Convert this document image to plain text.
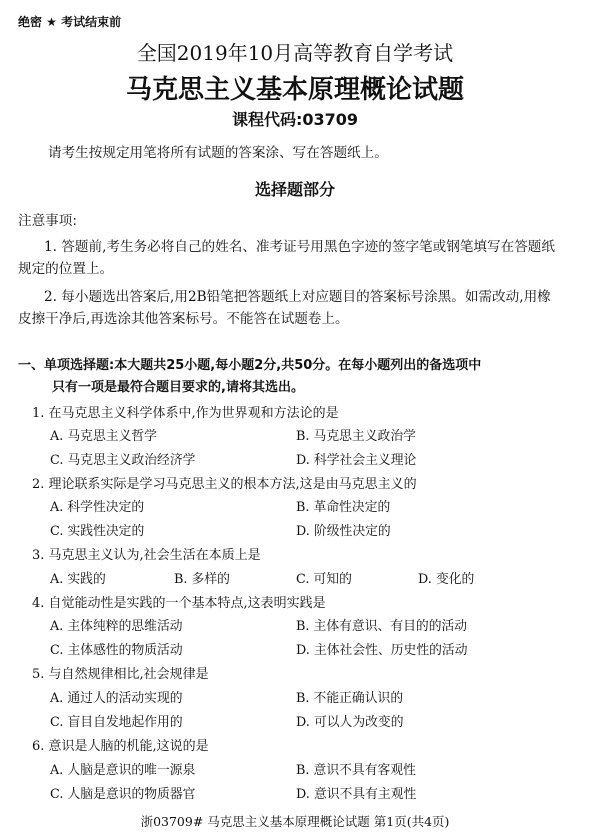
绝密 ★ 考试结束前
全国2019年10月高等教育自学考试
马克思主义基本原理概论试题
课程代码:03709
请考生按规定用笔将所有试题的答案涂、写在答题纸上。
选择题部分
注意事项:
1. 答题前,考生务必将自己的姓名、准考证号用黑色字迹的签字笔或钢笔填写在答题纸
规定的位置上。
2. 每小题选出答案后,用2B铅笔把答题纸上对应题目的答案标号涂黑。如需改动,用橡
皮擦干净后,再选涂其他答案标号。不能答在试题卷上。
一、单项选择题:本大题共25小题,每小题2分,共50分。在每小题列出的备选项中
只有一项是最符合题目要求的,请将其选出。
1. 在马克思主义科学体系中,作为世界观和方法论的是
A. 马克思主义哲学	B. 马克思主义政治学
C. 马克思主义政治经济学	D. 科学社会主义理论
2. 理论联系实际是学习马克思主义的根本方法,这是由马克思主义的
A. 科学性决定的	B. 革命性决定的
C. 实践性决定的	D. 阶级性决定的
3. 马克思主义认为,社会生活在本质上是
A. 实践的	B. 多样的	C. 可知的	D. 变化的
4. 自觉能动性是实践的一个基本特点,这表明实践是
A. 主体纯粹的思维活动	B. 主体有意识、有目的的活动
C. 主体感性的物质活动	D. 主体社会性、历史性的活动
5. 与自然规律相比,社会规律是
A. 通过人的活动实现的	B. 不能正确认识的
C. 盲目自发地起作用的	D. 可以人为改变的
6. 意识是人脑的机能,这说的是
A. 人脑是意识的唯一源泉	B. 意识不具有客观性
C. 人脑是意识的物质器官	D. 意识不具有主观性
浙03709# 马克思主义基本原理概论试题 第1页(共4页)
